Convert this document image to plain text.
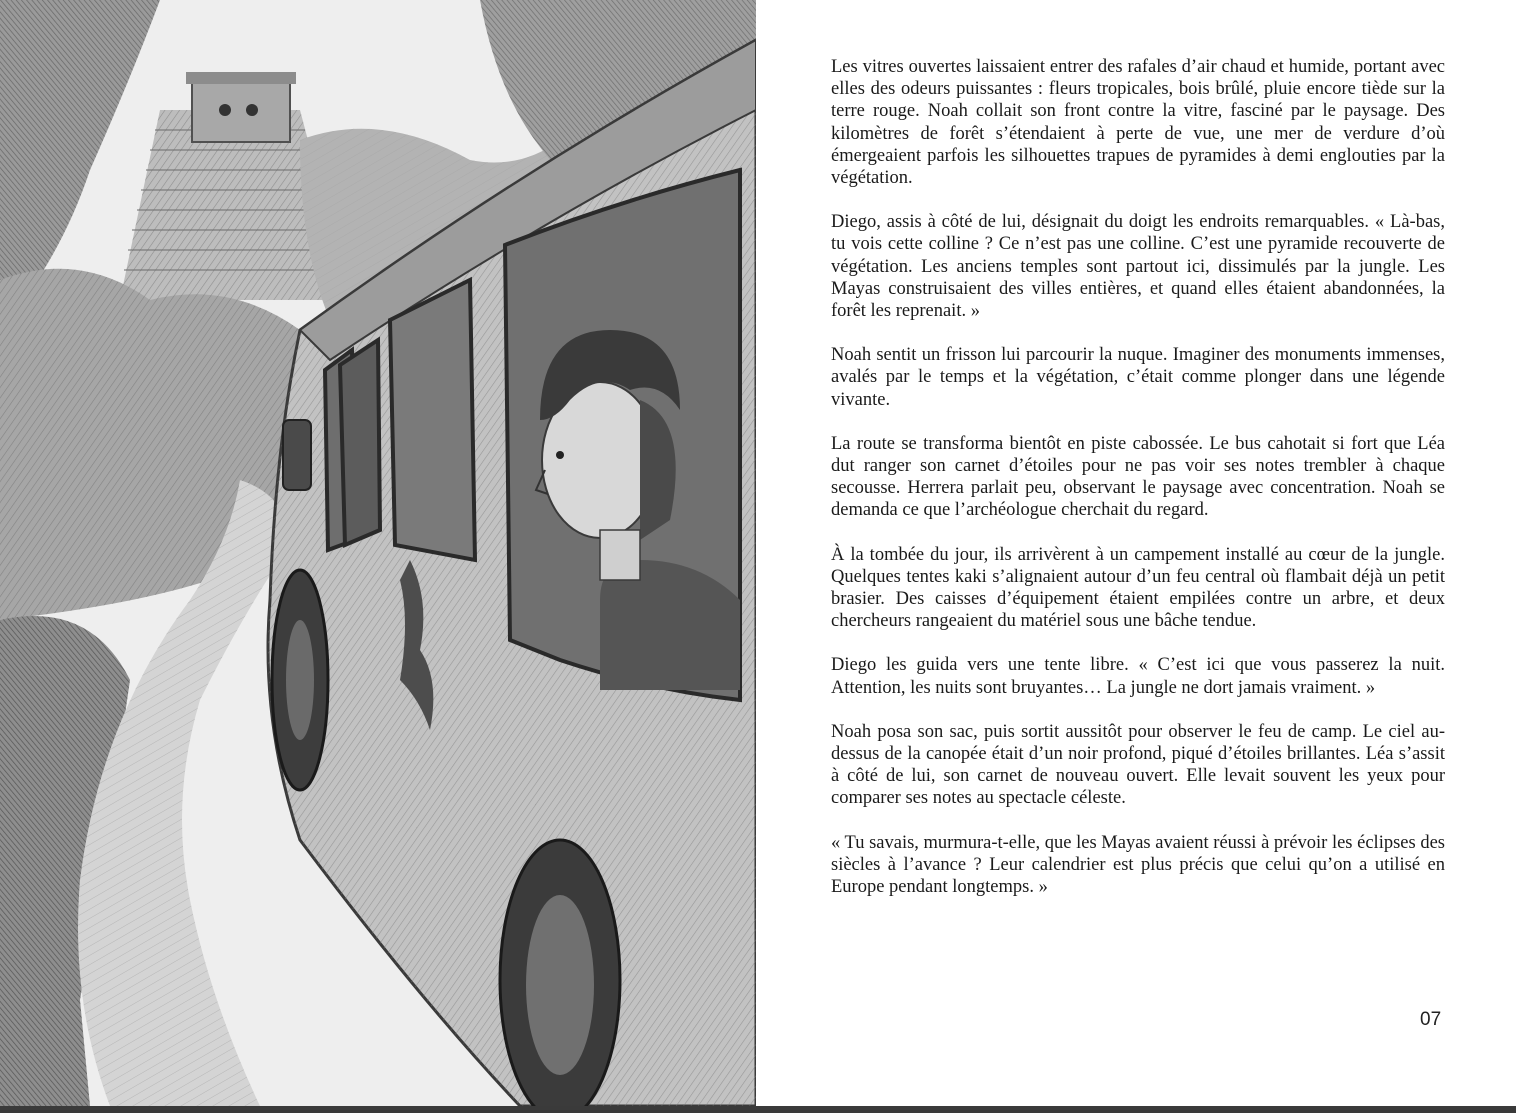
Les vitres ouvertes laissaient entrer des rafales d’air chaud et humide, portant avec elles des odeurs puissantes : fleurs tropicales, bois brûlé, pluie encore tiède sur la terre rouge. Noah collait son front contre la vitre, fasciné par le paysage. Des kilomètres de forêt s’étendaient à perte de vue, une mer de verdure d’où émergeaient parfois les silhouettes trapues de pyramides à demi englouties par la végétation.

Diego, assis à côté de lui, désignait du doigt les endroits remarquables. « Là-bas, tu vois cette colline ? Ce n’est pas une colline. C’est une pyramide recouverte de végétation. Les anciens temples sont partout ici, dissimulés par la jungle. Les Mayas construisaient des villes entières, et quand elles étaient abandonnées, la forêt les reprenait. »

Noah sentit un frisson lui parcourir la nuque. Imaginer des monuments immenses, avalés par le temps et la végétation, c’était comme plonger dans une légende vivante.

La route se transforma bientôt en piste cabossée. Le bus cahotait si fort que Léa dut ranger son carnet d’étoiles pour ne pas voir ses notes trembler à chaque secousse. Herrera parlait peu, observant le paysage avec concentration. Noah se demanda ce que l’archéologue cherchait du regard.

À la tombée du jour, ils arrivèrent à un campement installé au cœur de la jungle. Quelques tentes kaki s’alignaient autour d’un feu central où flambait déjà un petit brasier. Des caisses d’équipement étaient empilées contre un arbre, et deux chercheurs rangeaient du matériel sous une bâche tendue.

Diego les guida vers une tente libre. « C’est ici que vous passerez la nuit. Attention, les nuits sont bruyantes… La jungle ne dort jamais vraiment. »

Noah posa son sac, puis sortit aussitôt pour observer le feu de camp. Le ciel au-dessus de la canopée était d’un noir profond, piqué d’étoiles brillantes. Léa s’assit à côté de lui, son carnet de nouveau ouvert. Elle levait souvent les yeux pour comparer ses notes au spectacle céleste.

« Tu savais, murmura-t-elle, que les Mayas avaient réussi à prévoir les éclipses des siècles à l’avance ? Leur calendrier est plus précis que celui qu’on a utilisé en Europe pendant longtemps. »

07
